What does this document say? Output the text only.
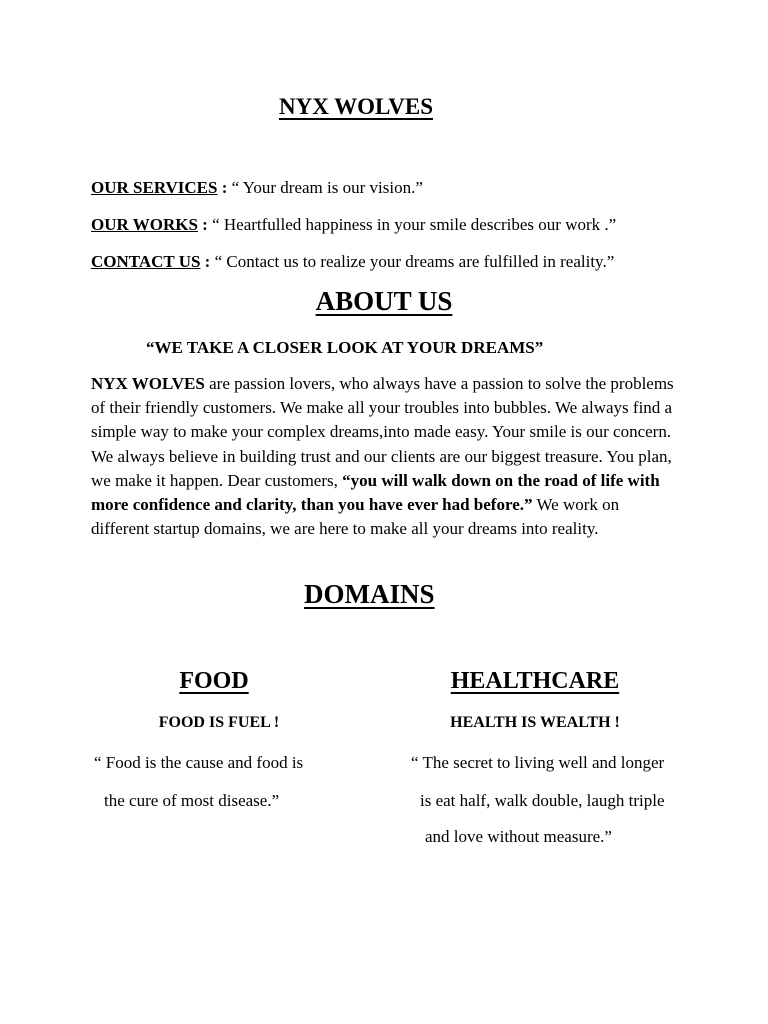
NYX WOLVES
OUR SERVICES : “ Your dream is our vision.”
OUR WORKS : “ Heartfulled happiness in your smile describes our work .”
CONTACT US : “ Contact us to realize your dreams are fulfilled in reality.”
ABOUT US
“WE TAKE A CLOSER LOOK AT YOUR DREAMS”
NYX WOLVES are passion lovers, who always have a passion to solve the problems of their friendly customers. We make all your troubles into bubbles. We always find a simple way to make your complex dreams,into made easy. Your smile is our concern. We always believe in building trust and our clients are our biggest treasure. You plan, we make it happen. Dear customers, “you will walk down on the road of life with more confidence and clarity, than you have ever had before.” We work on different startup domains, we are here to make all your dreams into reality.
DOMAINS
FOOD
FOOD IS FUEL !
“ Food is the cause and food is
the cure of most disease.”
HEALTHCARE
HEALTH IS WEALTH !
“ The secret to living well and longer
is eat half, walk double, laugh triple
and love without measure.”
